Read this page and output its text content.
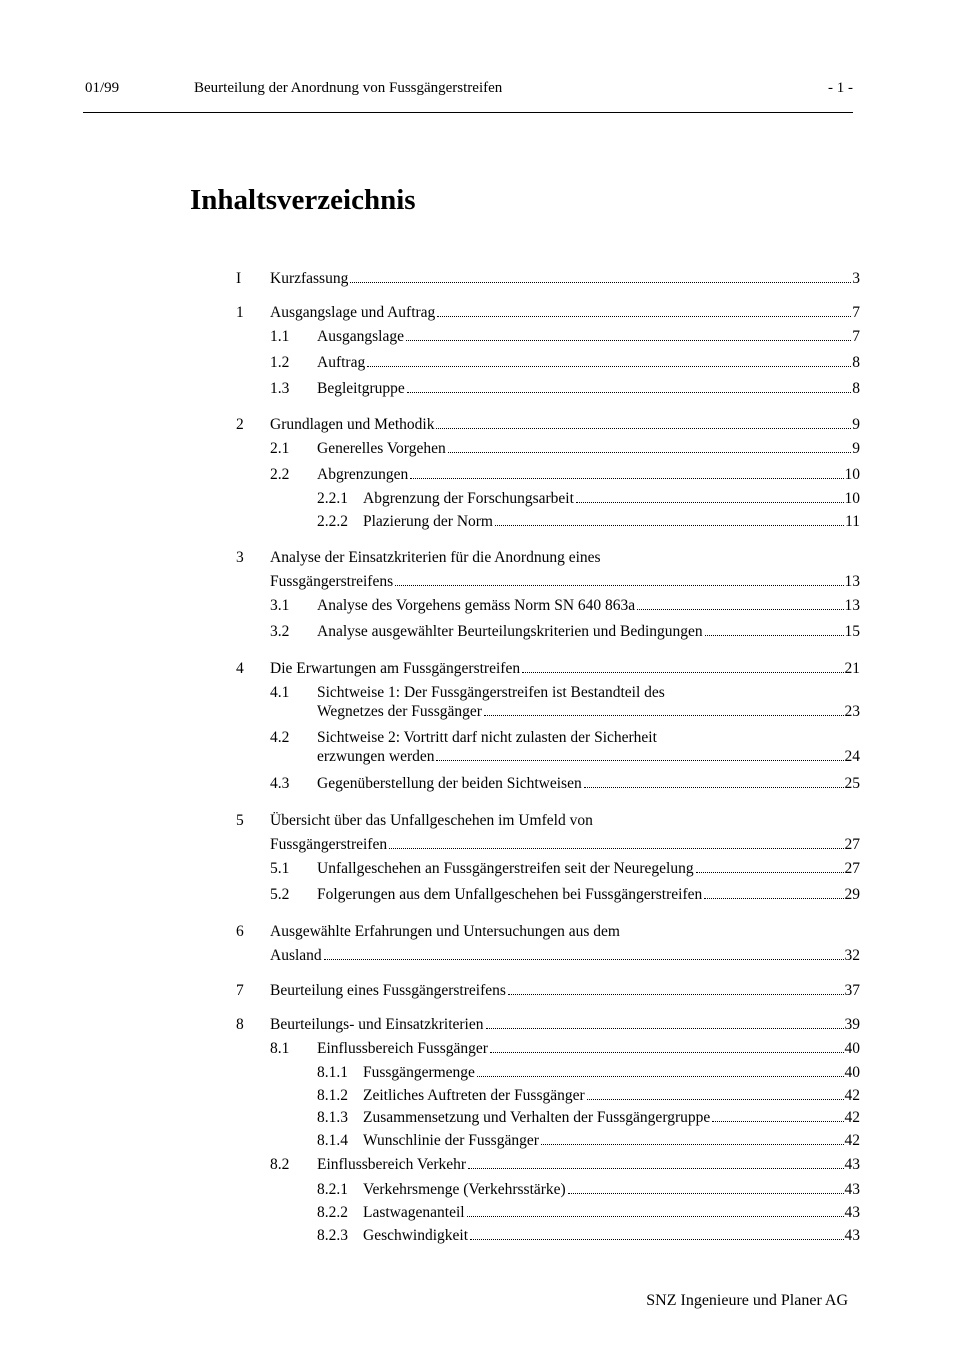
01/99	Beurteilung der Anordnung von Fussgängerstreifen	- 1 -
Inhaltsverzeichnis
I Kurzfassung	3
1 Ausgangslage und Auftrag	7
1.1 Ausgangslage	7
1.2 Auftrag	8
1.3 Begleitgruppe	8
2 Grundlagen und Methodik	9
2.1 Generelles Vorgehen	9
2.2 Abgrenzungen	10
2.2.1 Abgrenzung der Forschungsarbeit	10
2.2.2 Plazierung der Norm	11
3 Analyse der Einsatzkriterien für die Anordnung eines
Fussgängerstreifens	13
3.1 Analyse des Vorgehens gemäss Norm SN 640 863a	13
3.2 Analyse ausgewählter Beurteilungskriterien und Bedingungen	15
4 Die Erwartungen am Fussgängerstreifen	21
4.1 Sichtweise 1: Der Fussgängerstreifen ist Bestandteil des
Wegnetzes der Fussgänger	23
4.2 Sichtweise 2: Vortritt darf nicht zulasten der Sicherheit
erzwungen werden	24
4.3 Gegenüberstellung der beiden Sichtweisen	25
5 Übersicht über das Unfallgeschehen im Umfeld von
Fussgängerstreifen	27
5.1 Unfallgeschehen an Fussgängerstreifen seit der Neuregelung	27
5.2 Folgerungen aus dem Unfallgeschehen bei Fussgängerstreifen	29
6 Ausgewählte Erfahrungen und Untersuchungen aus dem
Ausland	32
7 Beurteilung eines Fussgängerstreifens	37
8 Beurteilungs- und Einsatzkriterien	39
8.1 Einflussbereich Fussgänger	40
8.1.1 Fussgängermenge	40
8.1.2 Zeitliches Auftreten der Fussgänger	42
8.1.3 Zusammensetzung und Verhalten der Fussgängergruppe	42
8.1.4 Wunschlinie der Fussgänger	42
8.2 Einflussbereich Verkehr	43
8.2.1 Verkehrsmenge (Verkehrsstärke)	43
8.2.2 Lastwagenanteil	43
8.2.3 Geschwindigkeit	43
SNZ Ingenieure und Planer AG
